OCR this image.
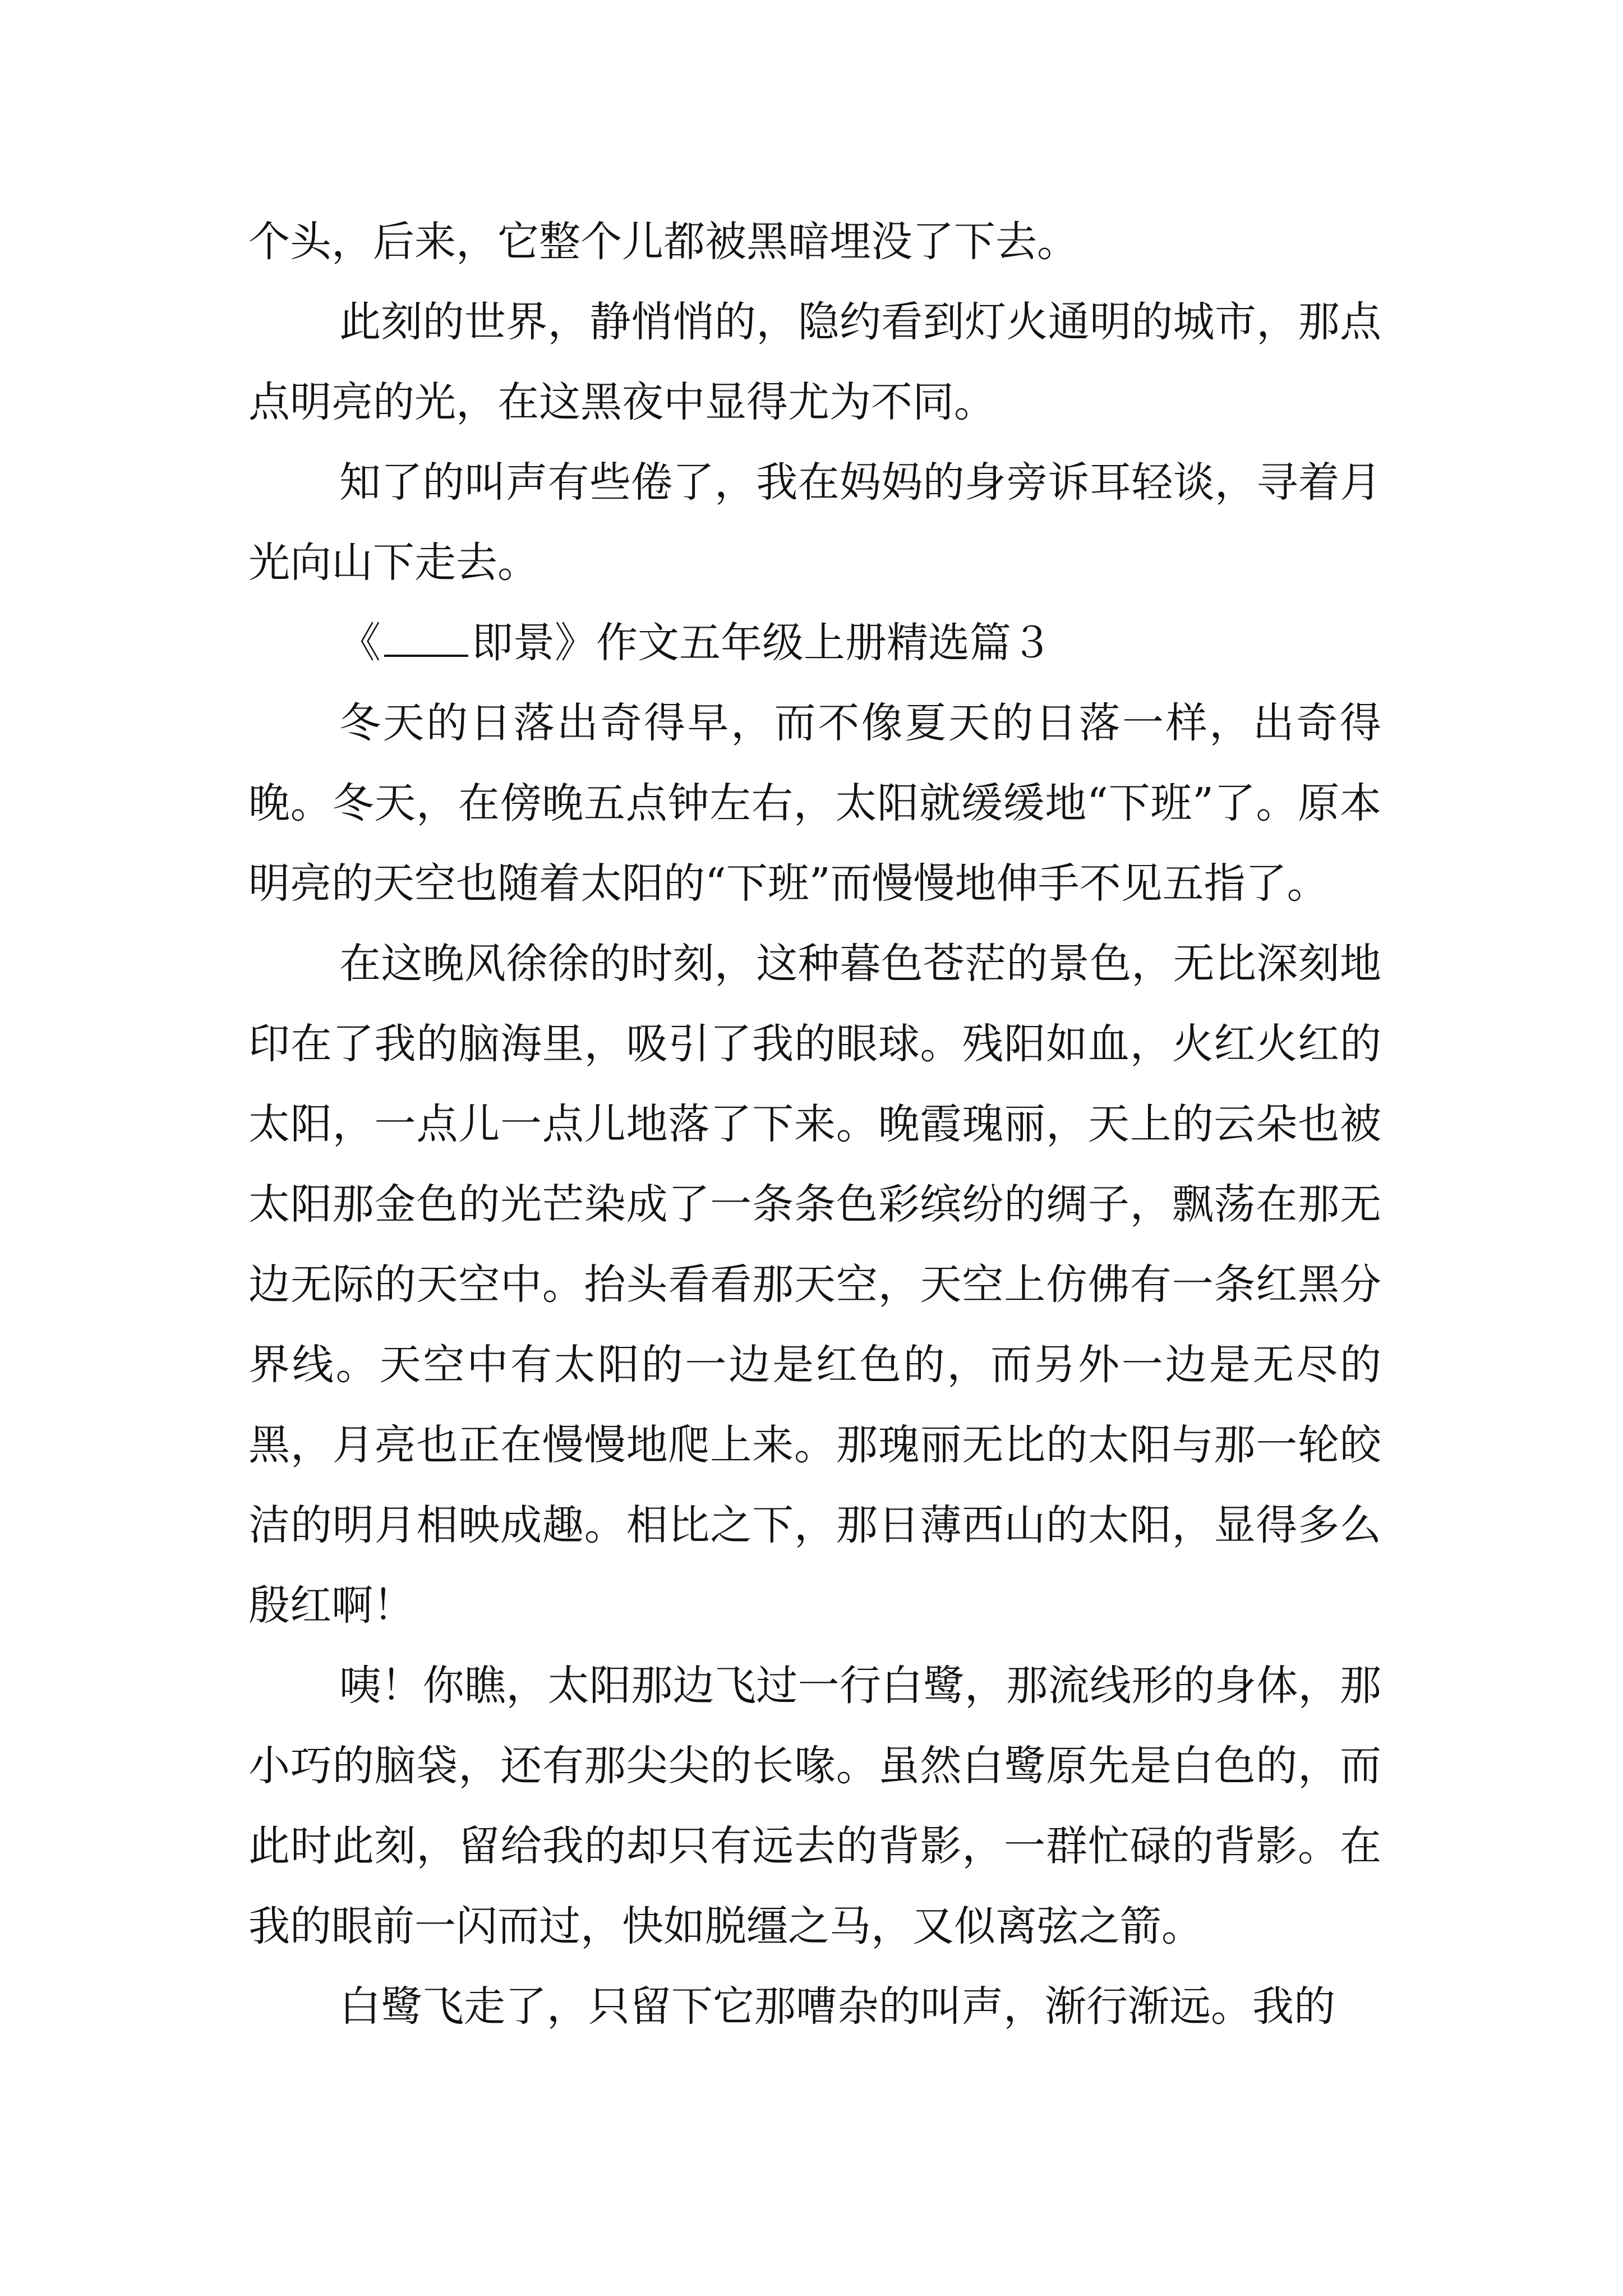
个头，后来，它整个儿都被黑暗埋没了下去。

此刻的世界，静悄悄的，隐约看到灯火通明的城市，那点点明亮的光，在这黑夜中显得尤为不同。

知了的叫声有些倦了，我在妈妈的身旁诉耳轻谈，寻着月光向山下走去。

《 即景》作文五年级上册精选篇３

冬天的日落出奇得早，而不像夏天的日落一样，出奇得晚。冬天，在傍晚五点钟左右，太阳就缓缓地“下班”了。原本明亮的天空也随着太阳的“下班”而慢慢地伸手不见五指了。

在这晚风徐徐的时刻，这种暮色苍茫的景色，无比深刻地印在了我的脑海里，吸引了我的眼球。残阳如血，火红火红的太阳，一点儿一点儿地落了下来。晚霞瑰丽，天上的云朵也被太阳那金色的光芒染成了一条条色彩缤纷的绸子，飘荡在那无边无际的天空中。抬头看看那天空，天空上仿佛有一条红黑分界线。天空中有太阳的一边是红色的，而另外一边是无尽的黑，月亮也正在慢慢地爬上来。那瑰丽无比的太阳与那一轮皎洁的明月相映成趣。相比之下，那日薄西山的太阳，显得多么殷红啊！

咦！你瞧，太阳那边飞过一行白鹭，那流线形的身体，那小巧的脑袋，还有那尖尖的长喙。虽然白鹭原先是白色的，而此时此刻，留给我的却只有远去的背影，一群忙碌的背影。在我的眼前一闪而过，快如脱缰之马，又似离弦之箭。

白鹭飞走了，只留下它那嘈杂的叫声，渐行渐远。我的
